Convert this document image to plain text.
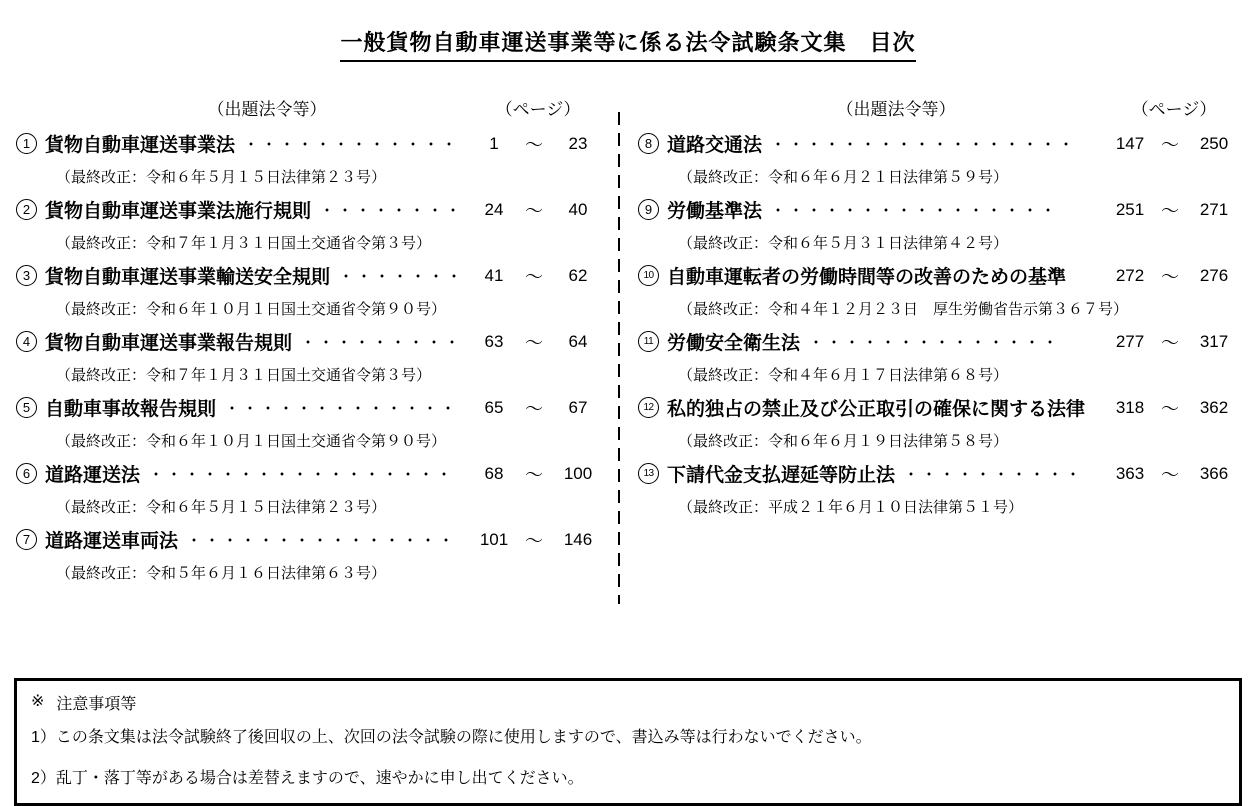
一般貨物自動車運送事業等に係る法令試験条文集　目次
（出題法令等）	（ページ）
1 貨物自動車運送事業法 ・・・・・・・・・・・・	1	～	23
（最終改正：令和６年５月１５日法律第２３号）
2 貨物自動車運送事業法施行規則 ・・・・・・・・	24	～	40
（最終改正：令和７年１月３１日国土交通省令第３号）
3 貨物自動車運送事業輸送安全規則 ・・・・・・・	41	～	62
（最終改正：令和６年１０月１日国土交通省令第９０号）
4 貨物自動車運送事業報告規則 ・・・・・・・・・	63	～	64
（最終改正：令和７年１月３１日国土交通省令第３号）
5 自動車事故報告規則 ・・・・・・・・・・・・・	65	～	67
（最終改正：令和６年１０月１日国土交通省令第９０号）
6 道路運送法 ・・・・・・・・・・・・・・・・・	68	～	100
（最終改正：令和６年５月１５日法律第２３号）
7 道路運送車両法 ・・・・・・・・・・・・・・・	101 ～	146
（最終改正：令和５年６月１６日法律第６３号）
（出題法令等）	（ページ）
8 道路交通法 ・・・・・・・・・・・・・・・・・	147 ～	250
（最終改正：令和６年６月２１日法律第５９号）
9 労働基準法 ・・・・・・・・・・・・・・・・	251 ～	271
（最終改正：令和６年５月３１日法律第４２号）
10 自動車運転者の労働時間等の改善のための基準	272 ～	276
（最終改正：令和４年１２月２３日　厚生労働省告示第３６７号）
11 労働安全衛生法 ・・・・・・・・・・・・・・	277 ～	317
（最終改正：令和４年６月１７日法律第６８号）
12 私的独占の禁止及び公正取引の確保に関する法律	318 ～	362
（最終改正：令和６年６月１９日法律第５８号）
13 下請代金支払遅延等防止法 ・・・・・・・・・・	363 ～	366
（最終改正：平成２１年６月１０日法律第５１号）
※ 注意事項等
1）この条文集は法令試験終了後回収の上、次回の法令試験の際に使用しますので、書込み等は行わないでください。
2）乱丁・落丁等がある場合は差替えますので、速やかに申し出てください。
